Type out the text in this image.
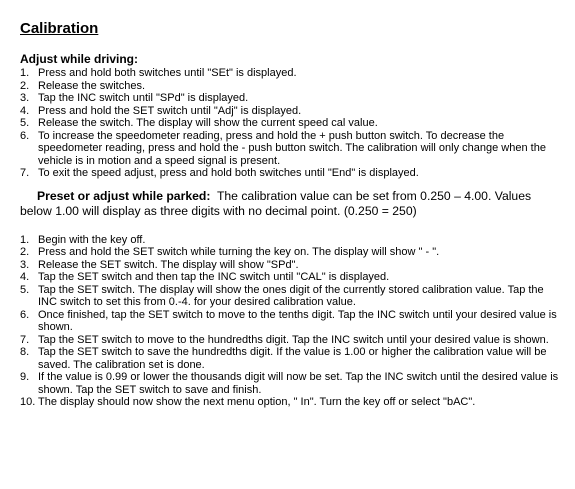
Calibration
Adjust while driving:
1. Press and hold both switches until "SEt" is displayed.
2. Release the switches.
3. Tap the INC switch until "SPd" is displayed.
4. Press and hold the SET switch until "Adj" is displayed.
5. Release the switch. The display will show the current speed cal value.
6. To increase the speedometer reading, press and hold the + push button switch. To decrease the speedometer reading, press and hold the - push button switch. The calibration will only change when the vehicle is in motion and a speed signal is present.
7. To exit the speed adjust, press and hold both switches until "End" is displayed.
Preset or adjust while parked: The calibration value can be set from 0.250 – 4.00. Values below 1.00 will display as three digits with no decimal point. (0.250 = 250)
1. Begin with the key off.
2. Press and hold the SET switch while turning the key on. The display will show " - ".
3. Release the SET switch. The display will show "SPd".
4. Tap the SET switch and then tap the INC switch until "CAL" is displayed.
5. Tap the SET switch. The display will show the ones digit of the currently stored calibration value. Tap the INC switch to set this from 0.-4. for your desired calibration value.
6. Once finished, tap the SET switch to move to the tenths digit. Tap the INC switch until your desired value is shown.
7. Tap the SET switch to move to the hundredths digit. Tap the INC switch until your desired value is shown.
8. Tap the SET switch to save the hundredths digit. If the value is 1.00 or higher the calibration value will be saved. The calibration set is done.
9. If the value is 0.99 or lower the thousands digit will now be set. Tap the INC switch until the desired value is shown. Tap the SET switch to save and finish.
10. The display should now show the next menu option, " In". Turn the key off or select "bAC".
